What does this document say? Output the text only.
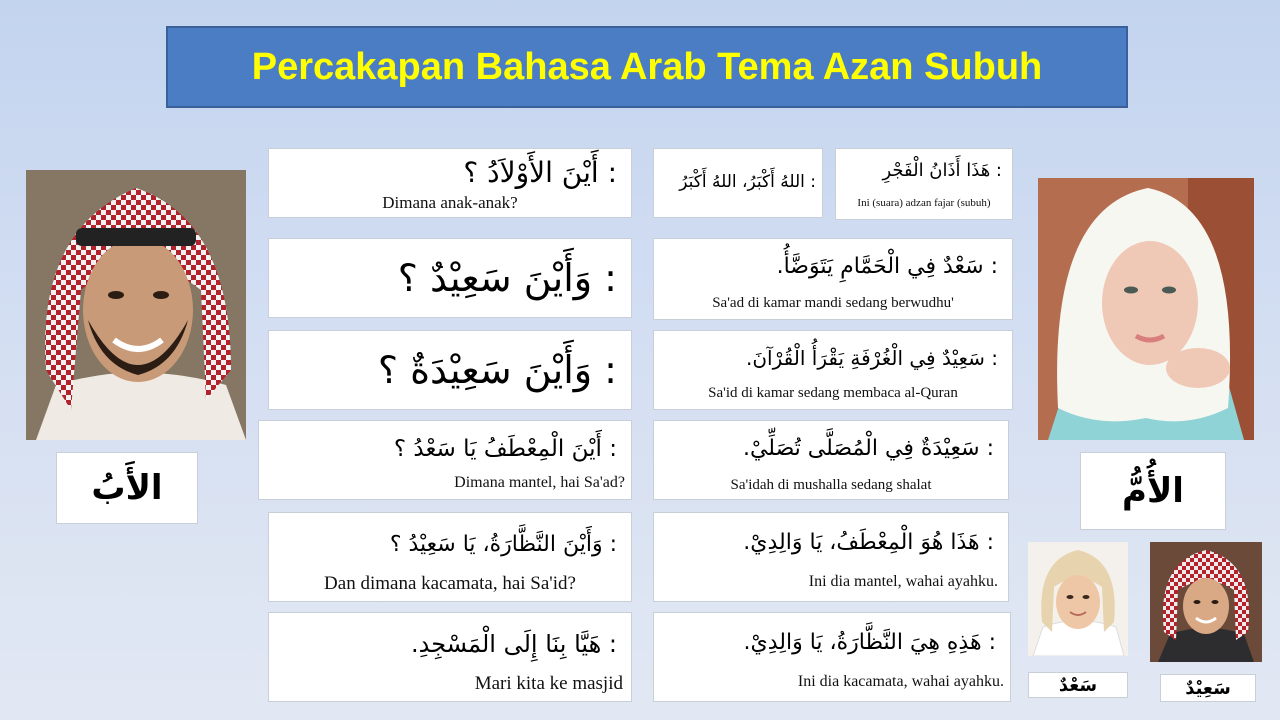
Percakapan Bahasa Arab Tema Azan Subuh
الأَبُ	الأُمُّ
سَعْدٌ	سَعِيْدٌ
: أَيْنَ الأَوْلاَدُ ؟
Dimana anak-anak?
: وَأَيْنَ سَعِيْدٌ ؟
: وَأَيْنَ سَعِيْدَةٌ ؟
: أَيْنَ الْمِعْطَفُ يَا سَعْدُ ؟
Dimana mantel, hai Sa'ad?
: وَأَيْنَ النَّظَّارَةُ، يَا سَعِيْدُ ؟
Dan dimana kacamata, hai Sa'id?
: هَيَّا بِنَا إِلَى الْمَسْجِدِ.
Mari kita ke masjid
: اللهُ أَكْبَرُ، اللهُ أَكْبَرُ
: هَذَا أَذَانُ الْفَجْرِ
Ini (suara) adzan fajar (subuh)
: سَعْدٌ فِي الْحَمَّامِ يَتَوَضَّأُ.
Sa'ad di kamar mandi sedang berwudhu'
: سَعِيْدٌ فِي الْغُرْفَةِ يَقْرَأُ الْقُرْآنَ.
Sa'id di kamar sedang membaca al-Quran
: سَعِيْدَةٌ فِي الْمُصَلَّى تُصَلِّيْ.
Sa'idah di mushalla sedang shalat
: هَذَا هُوَ الْمِعْطَفُ، يَا وَالِدِيْ.
Ini dia mantel, wahai ayahku.
: هَذِهِ هِيَ النَّظَّارَةُ، يَا وَالِدِيْ.
Ini dia kacamata, wahai ayahku.
